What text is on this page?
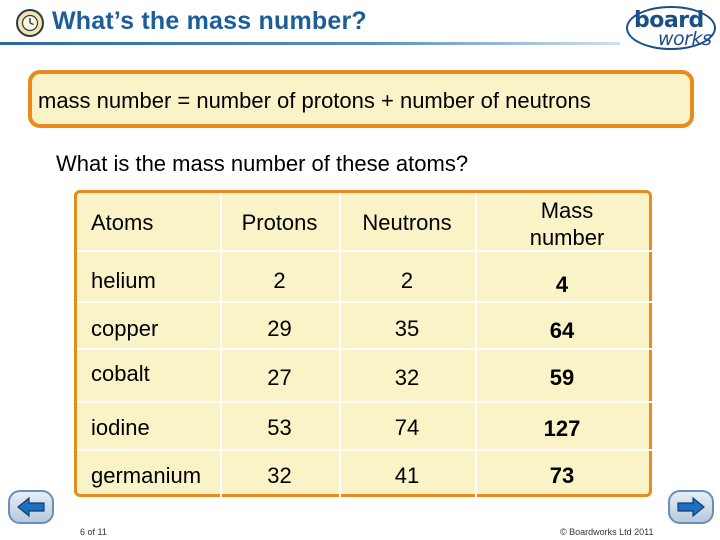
What’s the mass number?	board
works
mass number = number of protons + number of neutrons
What is the mass number of these atoms?
Atoms	Protons	Neutrons	Mass number
helium	2	2	4
copper	29	35	64
cobalt	27	32	59
iodine	53	74	127
germanium	32	41	73
6 of 11	© Boardworks Ltd 2011
